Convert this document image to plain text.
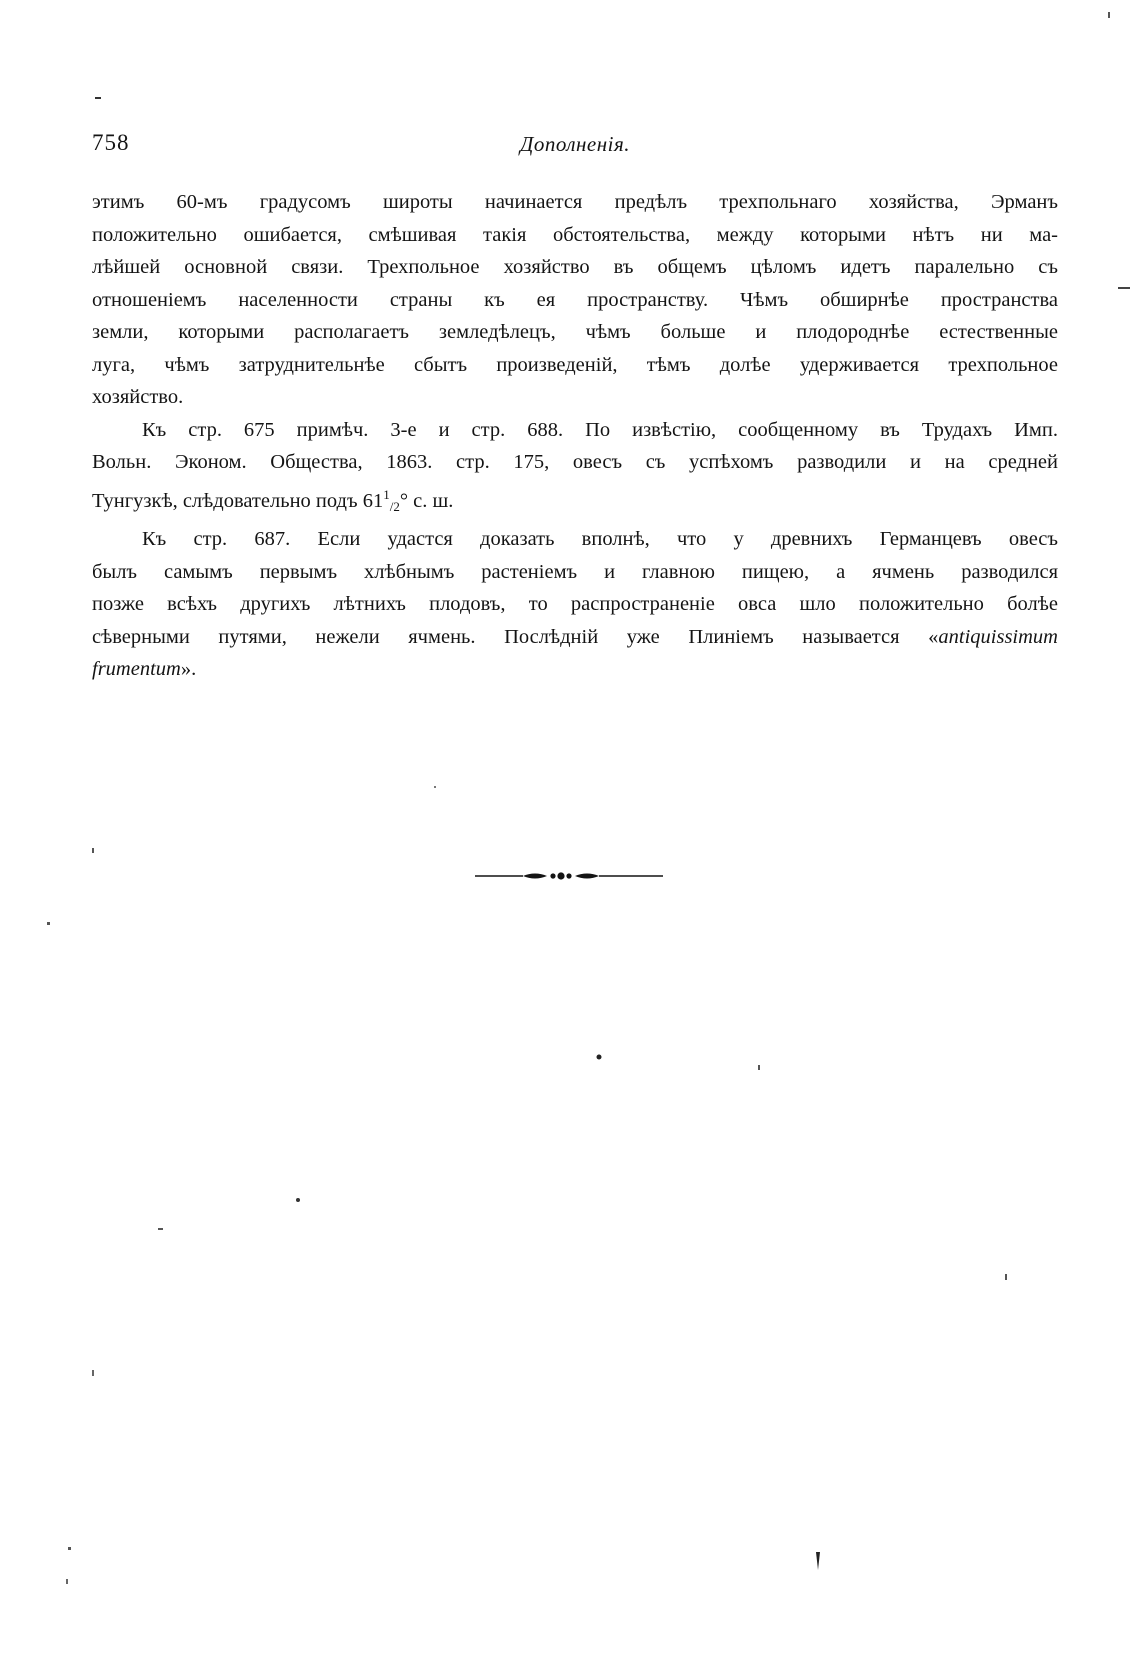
758	Дополненія.

этимъ 60-мъ градусомъ широты начинается предѣлъ трехпольнаго хозяйства, Эрманъ
положительно ошибается, смѣшивая такія обстоятельства, между которыми нѣтъ ни ма-
лѣйшей основной связи. Трехпольное хозяйство въ общемъ цѣломъ идетъ паралельно съ
отношеніемъ населенности страны къ ея пространству. Чѣмъ обширнѣе пространства
земли, которыми располагаетъ земледѣлецъ, чѣмъ больше и плодороднѣе естественные
луга, чѣмъ затруднительнѣе сбытъ произведеній, тѣмъ долѣе удерживается трехпольное
хозяйство.

Къ стр. 675 примѣч. 3-е и стр. 688. По извѣстію, сообщенному въ Трудахъ Имп.
Вольн. Эконом. Общества, 1863. стр. 175, овесъ съ успѣхомъ разводили и на средней
Тунгузкѣ, слѣдовательно подъ $61^1/2^\circ$ с. ш.

Къ стр. 687. Если удастся доказать вполнѣ, что у древнихъ Германцевъ овесъ
былъ самымъ первымъ хлѣбнымъ растеніемъ и главною пищею, а ячмень разводился
позже всѣхъ другихъ лѣтнихъ плодовъ, то распространеніе овса шло положительно болѣе
сѣверными путями, нежели ячмень. Послѣдній уже Плиніемъ называется «antiquissimum
frumentum».
